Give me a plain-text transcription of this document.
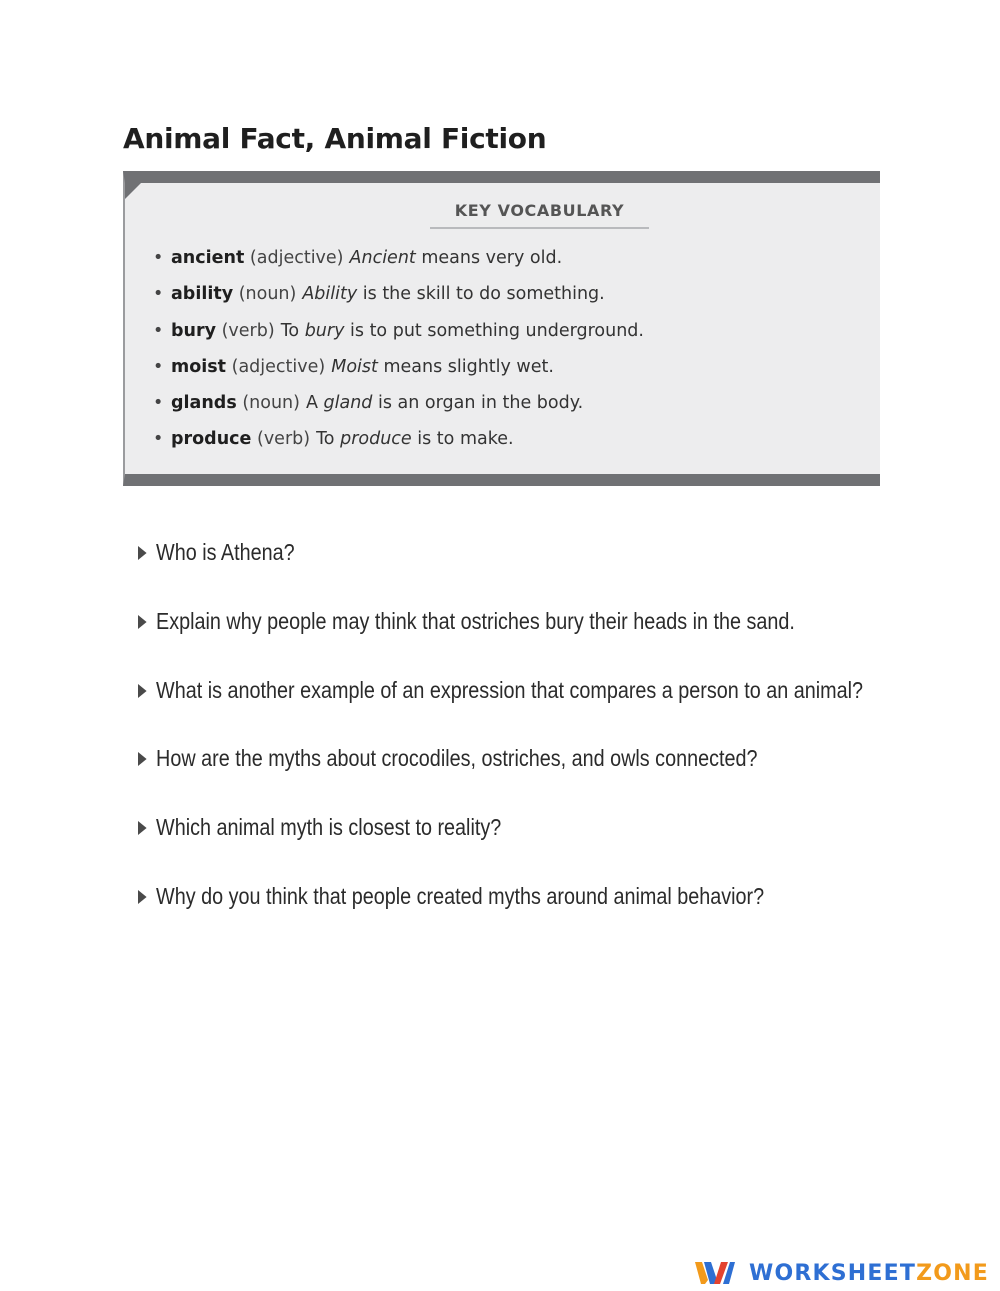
Animal Fact, Animal Fiction
KEY VOCABULARY
• ancient (adjective) Ancient means very old.
• ability (noun) Ability is the skill to do something.
• bury (verb) To bury is to put something underground.
• moist (adjective) Moist means slightly wet.
• glands (noun) A gland is an organ in the body.
• produce (verb) To produce is to make.
Who is Athena?
Explain why people may think that ostriches bury their heads in the sand.
What is another example of an expression that compares a person to an animal?
How are the myths about crocodiles, ostriches, and owls connected?
Which animal myth is closest to reality?
Why do you think that people created myths around animal behavior?
WORKSHEETZONE
